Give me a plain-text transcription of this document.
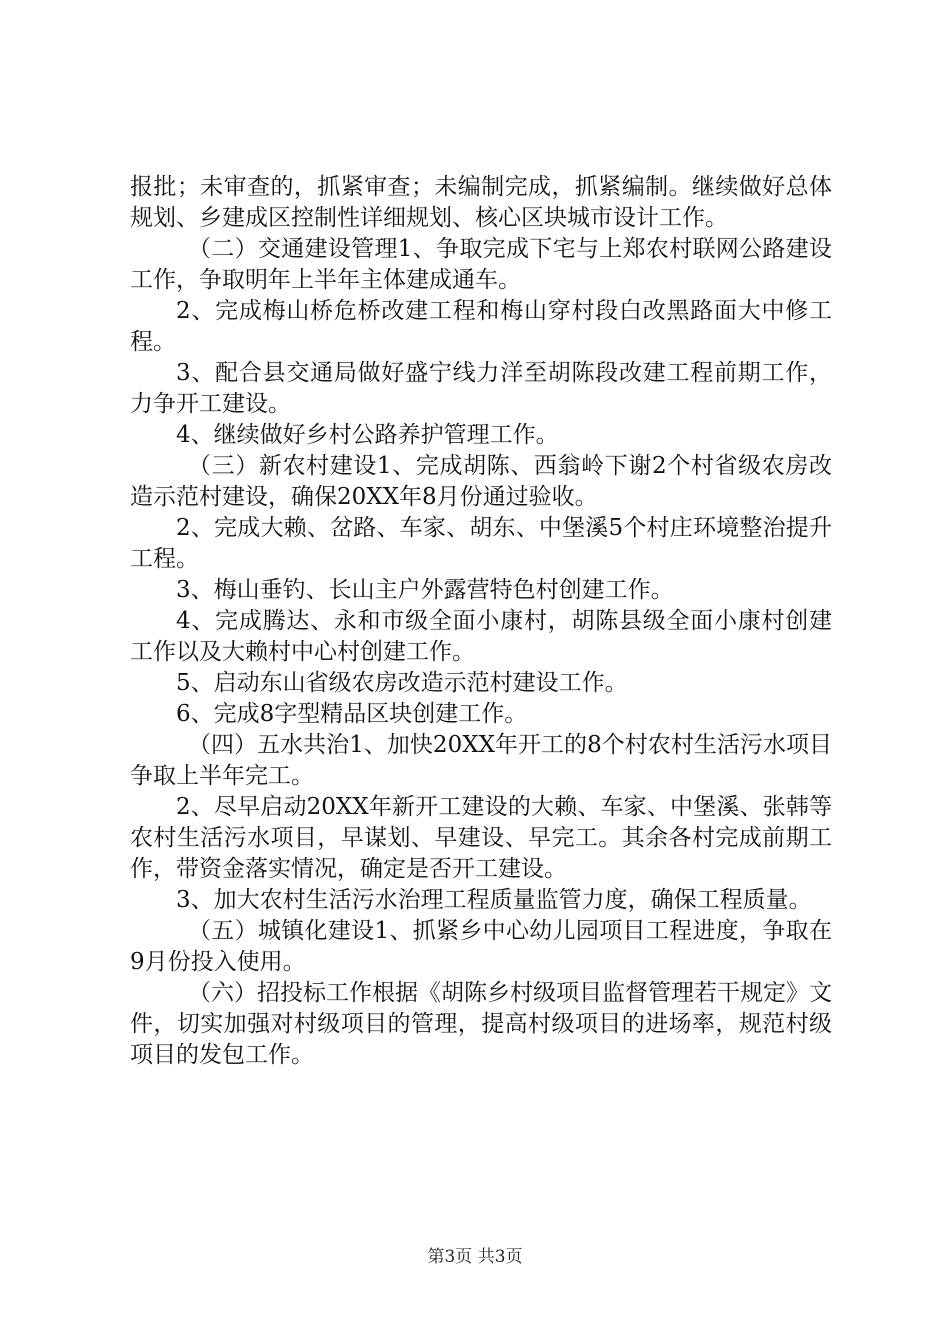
报批；未审查的，抓紧审查；未编制完成，抓紧编制。继续做好总体规划、乡建成区控制性详细规划、核心区块城市设计工作。

（二）交通建设管理1、争取完成下宅与上郑农村联网公路建设工作，争取明年上半年主体建成通车。

2、完成梅山桥危桥改建工程和梅山穿村段白改黑路面大中修工程。

3、配合县交通局做好盛宁线力洋至胡陈段改建工程前期工作，力争开工建设。

4、继续做好乡村公路养护管理工作。

（三）新农村建设1、完成胡陈、西翁岭下谢2个村省级农房改造示范村建设，确保20XX年8月份通过验收。

2、完成大赖、岔路、车家、胡东、中堡溪5个村庄环境整治提升工程。

3、梅山垂钓、长山主户外露营特色村创建工作。

4、完成腾达、永和市级全面小康村，胡陈县级全面小康村创建工作以及大赖村中心村创建工作。

5、启动东山省级农房改造示范村建设工作。

6、完成8字型精品区块创建工作。

（四）五水共治1、加快20XX年开工的8个村农村生活污水项目争取上半年完工。

2、尽早启动20XX年新开工建设的大赖、车家、中堡溪、张韩等农村生活污水项目，早谋划、早建设、早完工。其余各村完成前期工作，带资金落实情况，确定是否开工建设。

3、加大农村生活污水治理工程质量监管力度，确保工程质量。

（五）城镇化建设1、抓紧乡中心幼儿园项目工程进度，争取在9月份投入使用。

（六）招投标工作根据《胡陈乡村级项目监督管理若干规定》文件，切实加强对村级项目的管理，提高村级项目的进场率，规范村级项目的发包工作。

第3页 共3页
